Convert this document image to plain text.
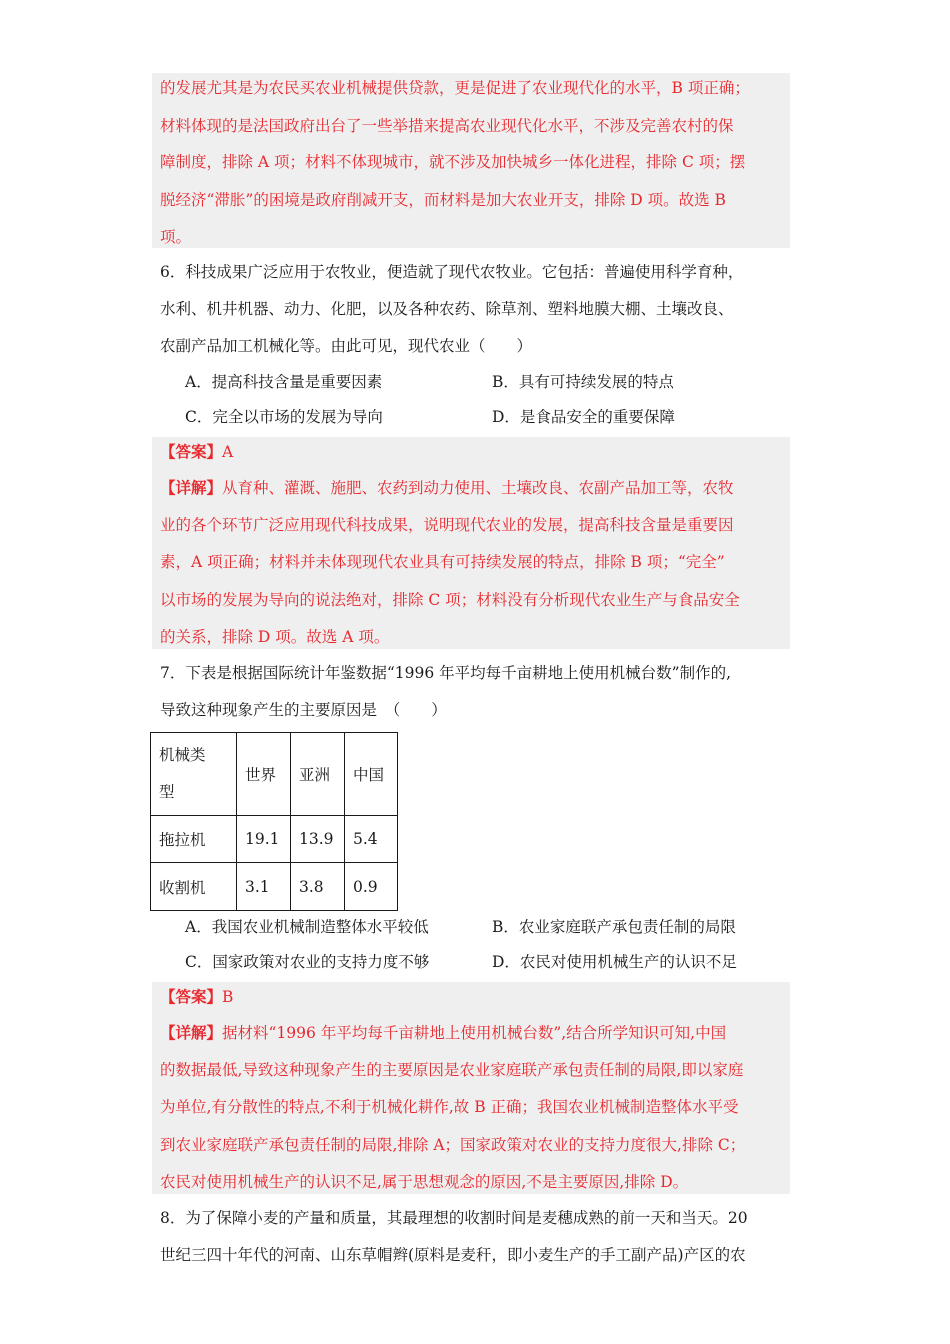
的发展尤其是为农民买农业机械提供贷款，更是促进了农业现代化的水平，B 项正确；
材料体现的是法国政府出台了一些举措来提高农业现代化水平，不涉及完善农村的保
障制度，排除 A 项；材料不体现城市，就不涉及加快城乡一体化进程，排除 C 项；摆
脱经济“滞胀”的困境是政府削减开支，而材料是加大农业开支，排除 D 项。故选 B
项。
6．科技成果广泛应用于农牧业，便造就了现代农牧业。它包括：普遍使用科学育种，
水利、机井机器、动力、化肥，以及各种农药、除草剂、塑料地膜大棚、土壤改良、
农副产品加工机械化等。由此可见，现代农业（　　）
A．提高科技含量是重要因素	B．具有可持续发展的特点
C．完全以市场的发展为导向	D．是食品安全的重要保障
【答案】A
【详解】从育种、灌溉、施肥、农药到动力使用、土壤改良、农副产品加工等，农牧
业的各个环节广泛应用现代科技成果，说明现代农业的发展，提高科技含量是重要因
素，A 项正确；材料并未体现现代农业具有可持续发展的特点，排除 B 项；“完全”
以市场的发展为导向的说法绝对，排除 C 项；材料没有分析现代农业生产与食品安全
的关系，排除 D 项。故选 A 项。
7．下表是根据国际统计年鉴数据“1996 年平均每千亩耕地上使用机械台数”制作的,
导致这种现象产生的主要原因是　（　　）
机械类
型	世界	亚洲	中国
拖拉机	19.1	13.9	5.4
收割机	3.1	3.8	0.9
A．我国农业机械制造整体水平较低	B．农业家庭联产承包责任制的局限
C．国家政策对农业的支持力度不够	D．农民对使用机械生产的认识不足
【答案】B
【详解】据材料“1996 年平均每千亩耕地上使用机械台数”,结合所学知识可知,中国
的数据最低,导致这种现象产生的主要原因是农业家庭联产承包责任制的局限,即以家庭
为单位,有分散性的特点,不利于机械化耕作,故 B 正确；我国农业机械制造整体水平受
到农业家庭联产承包责任制的局限,排除 A；国家政策对农业的支持力度很大,排除 C；
农民对使用机械生产的认识不足,属于思想观念的原因,不是主要原因,排除 D。
8．为了保障小麦的产量和质量，其最理想的收割时间是麦穗成熟的前一天和当天。20
世纪三四十年代的河南、山东草帽辫(原料是麦秆，即小麦生产的手工副产品)产区的农
